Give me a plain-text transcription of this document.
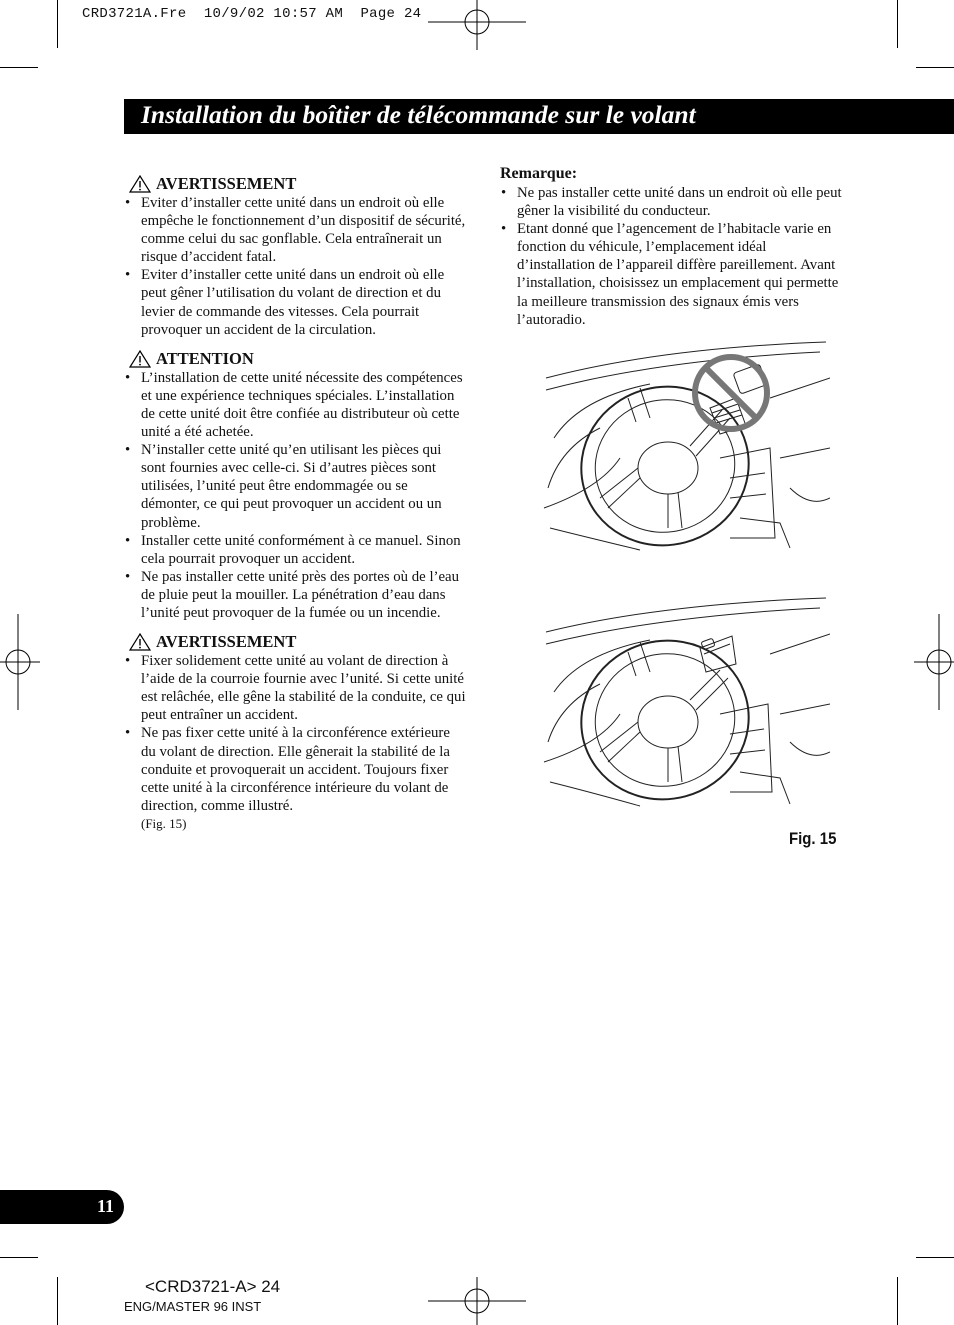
CRD3721A.Fre  10/9/02 10:57 AM  Page 24
Installation du boîtier de télécommande sur le volant
AVERTISSEMENT
• Eviter d’installer cette unité dans un endroit où elle empêche le fonctionnement d’un dispositif de sécurité, comme celui du sac gonflable. Cela entraînerait un risque d’accident fatal.
• Eviter d’installer cette unité dans un endroit où elle peut gêner l’utilisation du volant de direction et du levier de commande des vitesses. Cela pourrait provoquer un accident de la circulation.
ATTENTION
• L’installation de cette unité nécessite des compétences et une expérience techniques spéciales. L’installation de cette unité doit être confiée au distributeur où cette unité a été achetée.
• N’installer cette unité qu’en utilisant les pièces qui sont fournies avec celle-ci. Si d’autres pièces sont utilisées, l’unité peut être endommagée ou se démonter, ce qui peut provoquer un accident ou un problème.
• Installer cette unité conformément à ce manuel. Sinon cela pourrait provoquer un accident.
• Ne pas installer cette unité près des portes où de l’eau de pluie peut la mouiller. La pénétration d’eau dans l’unité peut provoquer de la fumée ou un incendie.
AVERTISSEMENT
• Fixer solidement cette unité au volant de direction à l’aide de la courroie fournie avec l’unité. Si cette unité est relâchée, elle gêne la stabilité de la conduite, ce qui peut entraîner un accident.
• Ne pas fixer cette unité à la circonférence extérieure du volant de direction. Elle gênerait la stabilité de la conduite et provoquerait un accident. Toujours fixer cette unité à la circonférence intérieure du volant de direction, comme illustré.
(Fig. 15)
Remarque:
• Ne pas installer cette unité dans un endroit où elle peut gêner la visibilité du conducteur.
• Etant donné que l’agencement de l’habitacle varie en fonction du véhicule, l’emplacement idéal d’installation de l’appareil diffère pareillement. Avant l’installation, choisissez un emplacement qui permette la meilleure transmission des signaux émis vers l’autoradio.
Fig. 15
11
<CRD3721-A> 24
ENG/MASTER 96 INST
